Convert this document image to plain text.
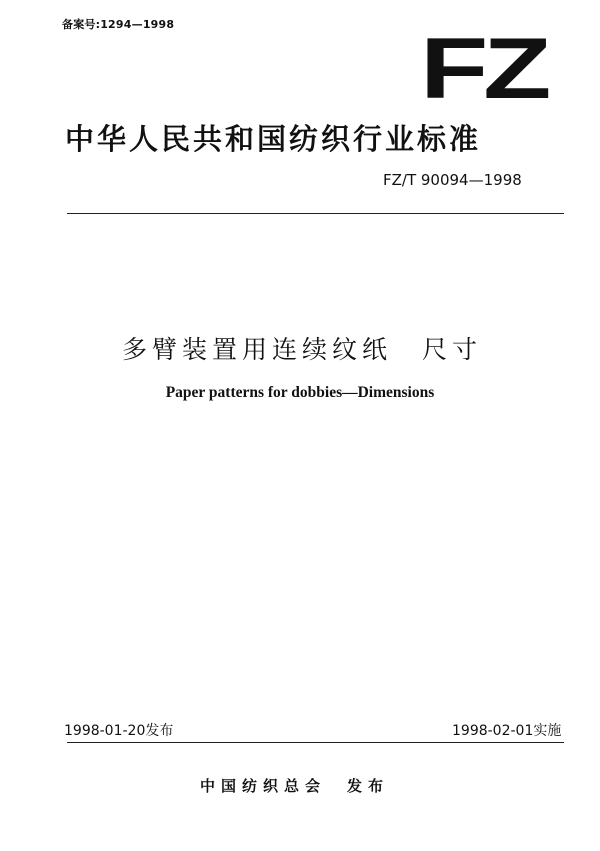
备案号:1294—1998	FZ
中华人民共和国纺织行业标准
FZ/T 90094—1998
多臂装置用连续纹纸　尺寸
Paper patterns for dobbies—Dimensions
1998-01-20发布	1998-02-01实施
中国纺织总会　发布
